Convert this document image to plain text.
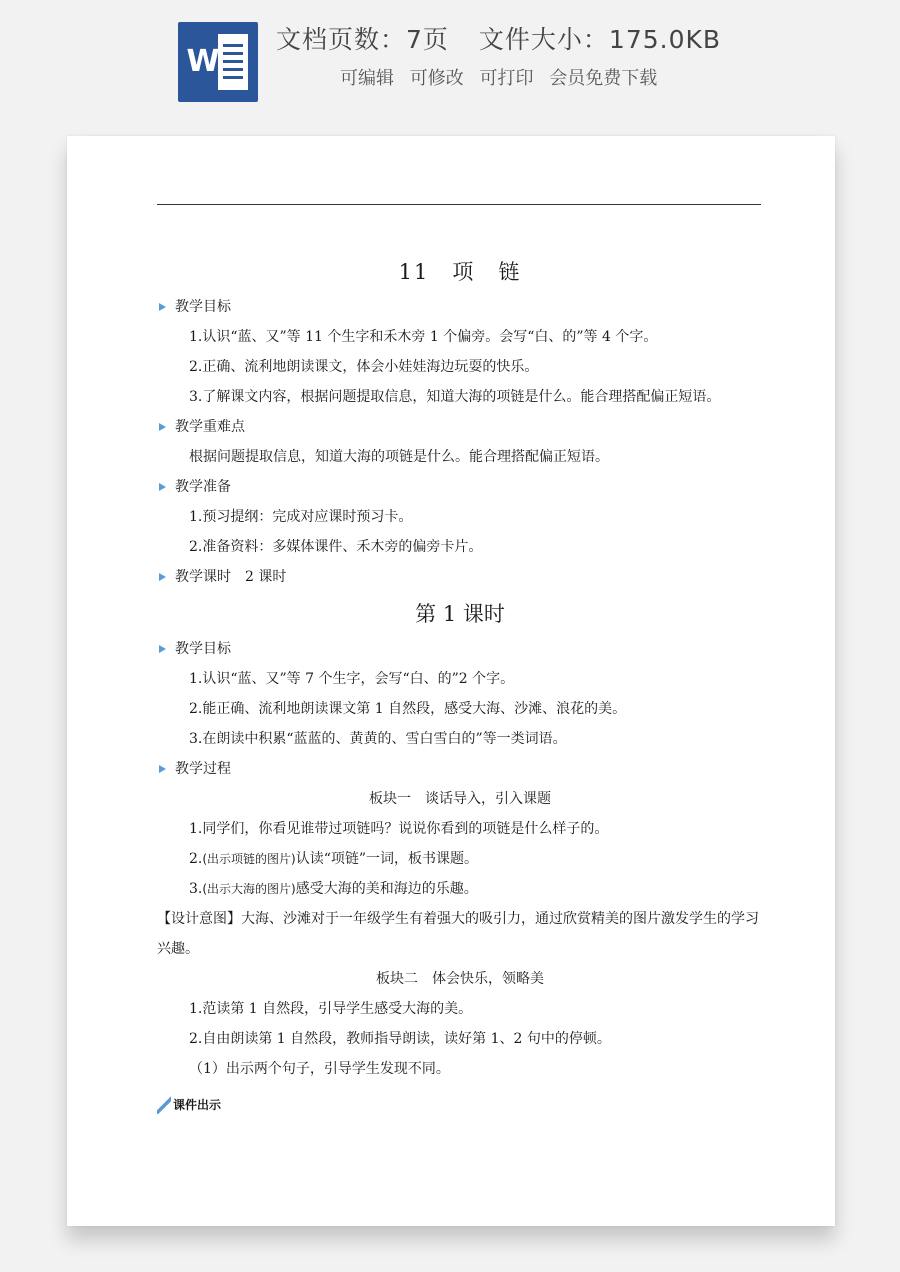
W
文档页数：7页 文件大小：175.0KB
可编辑 可修改 可打印 会员免费下载
11　项　链
教学目标
1.认识“蓝、又”等 11 个生字和禾木旁 1 个偏旁。会写“白、的”等 4 个字。
2.正确、流利地朗读课文，体会小娃娃海边玩耍的快乐。
3.了解课文内容，根据问题提取信息，知道大海的项链是什么。能合理搭配偏正短语。
教学重难点
根据问题提取信息，知道大海的项链是什么。能合理搭配偏正短语。
教学准备
1.预习提纲：完成对应课时预习卡。
2.准备资料：多媒体课件、禾木旁的偏旁卡片。
教学课时　2 课时
第 1 课时
教学目标
1.认识“蓝、又”等 7 个生字，会写“白、的”2 个字。
2.能正确、流利地朗读课文第 1 自然段，感受大海、沙滩、浪花的美。
3.在朗读中积累“蓝蓝的、黄黄的、雪白雪白的”等一类词语。
教学过程
板块一　谈话导入，引入课题
1.同学们，你看见谁带过项链吗？说说你看到的项链是什么样子的。
2.(出示项链的图片)认读“项链”一词，板书课题。
3.(出示大海的图片)感受大海的美和海边的乐趣。
【设计意图】大海、沙滩对于一年级学生有着强大的吸引力，通过欣赏精美的图片激发学生的学习兴趣。
板块二　体会快乐，领略美
1.范读第 1 自然段，引导学生感受大海的美。
2.自由朗读第 1 自然段，教师指导朗读，读好第 1、2 句中的停顿。
（1）出示两个句子，引导学生发现不同。
课件出示
